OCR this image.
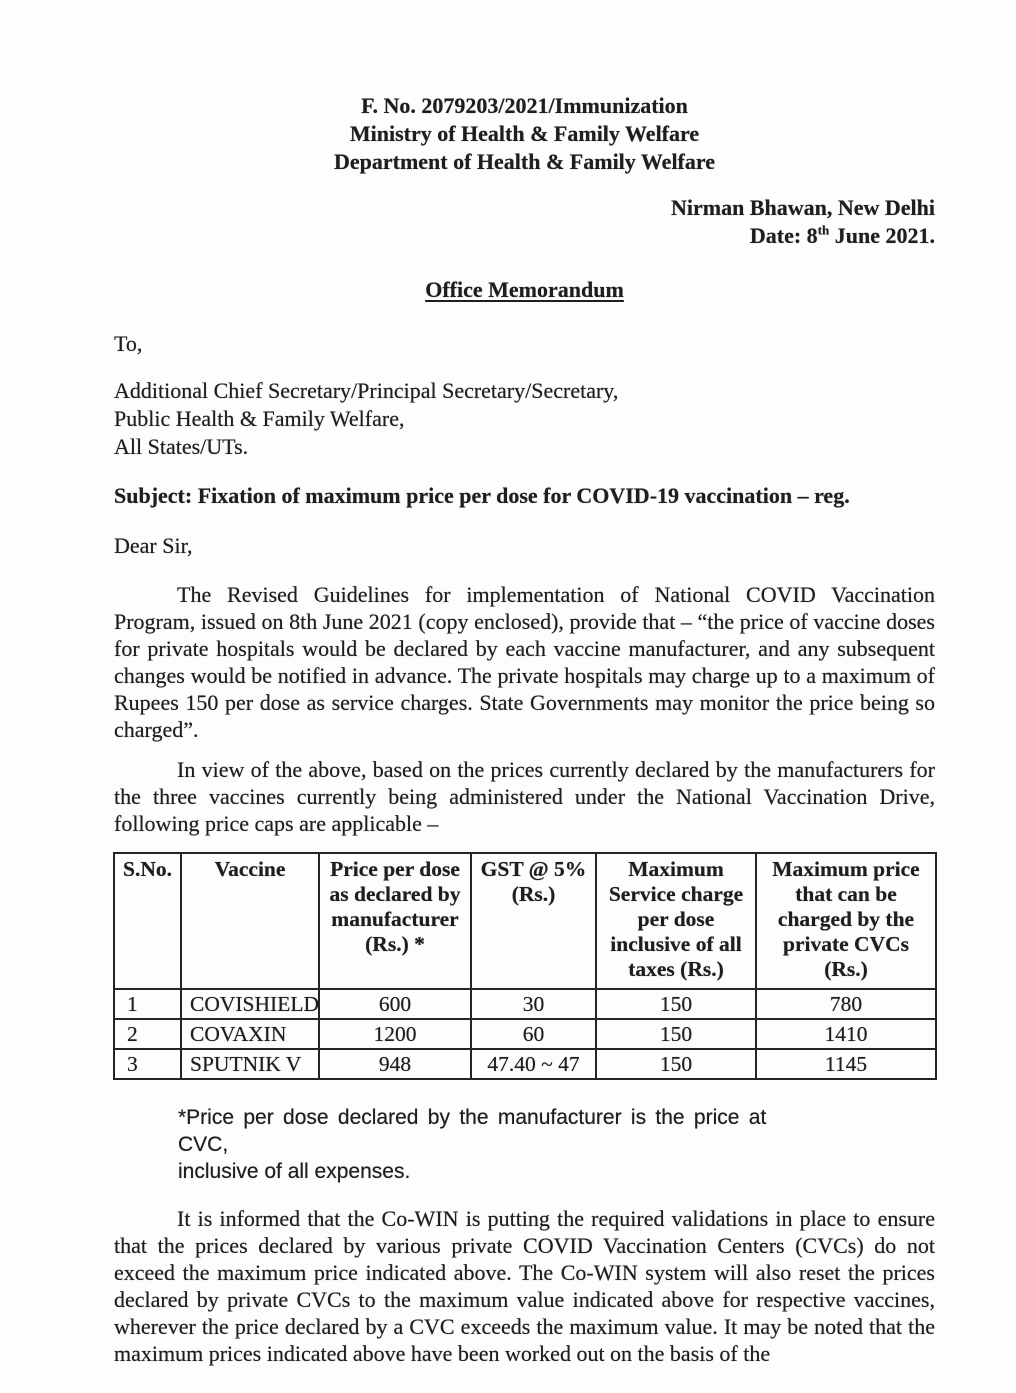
F. No. 2079203/2021/Immunization
Ministry of Health & Family Welfare
Department of Health & Family Welfare
Nirman Bhawan, New Delhi
Date: 8th June 2021.
Office Memorandum
To,
Additional Chief Secretary/Principal Secretary/Secretary,
Public Health & Family Welfare,
All States/UTs.
Subject: Fixation of maximum price per dose for COVID-19 vaccination – reg.
Dear Sir,

The Revised Guidelines for implementation of National COVID Vaccination Program, issued on 8th June 2021 (copy enclosed), provide that – “the price of vaccine doses for private hospitals would be declared by each vaccine manufacturer, and any subsequent changes would be notified in advance. The private hospitals may charge up to a maximum of Rupees 150 per dose as service charges. State Governments may monitor the price being so charged”.

In view of the above, based on the prices currently declared by the manufacturers for the three vaccines currently being administered under the National Vaccination Drive, following price caps are applicable –

S.No.	Vaccine	Price per dose as declared by manufacturer (Rs.) *	GST @ 5% (Rs.)	Maximum Service charge per dose inclusive of all taxes (Rs.)	Maximum price that can be charged by the private CVCs (Rs.)
1	COVISHIELD	600	30	150	780
2	COVAXIN	1200	60	150	1410
3	SPUTNIK V	948	47.40 ~ 47	150	1145
*Price per dose declared by the manufacturer is the price at CVC,
inclusive of all expenses.

It is informed that the Co-WIN is putting the required validations in place to ensure that the prices declared by various private COVID Vaccination Centers (CVCs) do not exceed the maximum price indicated above. The Co-WIN system will also reset the prices declared by private CVCs to the maximum value indicated above for respective vaccines, wherever the price declared by a CVC exceeds the maximum value. It may be noted that the maximum prices indicated above have been worked out on the basis of the
